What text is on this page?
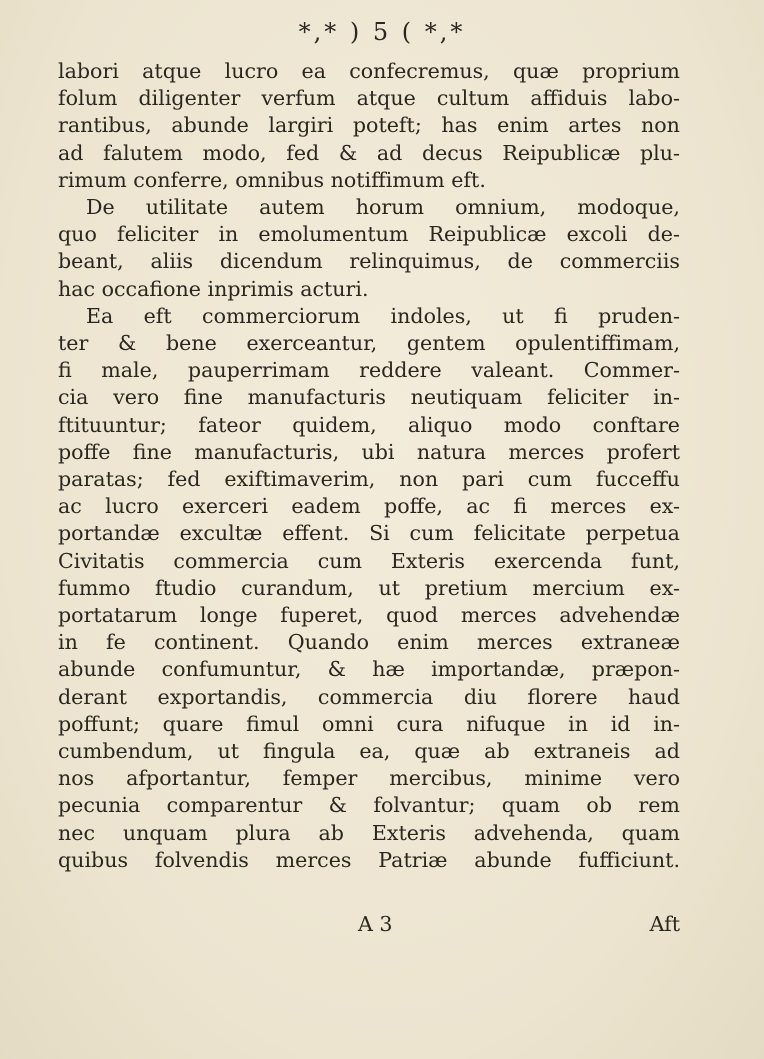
*,* ) 5 ( *,*
labori atque lucro ea confecremus, quæ proprium
folum diligenter verfum atque cultum affiduis labo-
rantibus, abunde largiri poteft; has enim artes non
ad falutem modo, fed & ad decus Reipublicæ plu-
rimum conferre, omnibus notiffimum eft.
De utilitate autem horum omnium, modoque,
quo feliciter in emolumentum Reipublicæ excoli de-
beant, aliis dicendum relinquimus, de commerciis
hac occafione inprimis acturi.
Ea eft commerciorum indoles, ut fi pruden-
ter & bene exerceantur, gentem opulentiffimam,
fi male, pauperrimam reddere valeant. Commer-
cia vero fine manufacturis neutiquam feliciter in-
ftituuntur; fateor quidem, aliquo modo conftare
poffe fine manufacturis, ubi natura merces profert
paratas; fed exiftimaverim, non pari cum fucceffu
ac lucro exerceri eadem poffe, ac fi merces ex-
portandæ excultæ effent. Si cum felicitate perpetua
Civitatis commercia cum Exteris exercenda funt,
fummo ftudio curandum, ut pretium mercium ex-
portatarum longe fuperet, quod merces advehendæ
in fe continent. Quando enim merces extraneæ
abunde confumuntur, & hæ importandæ, præpon-
derant exportandis, commercia diu florere haud
poffunt; quare fimul omni cura nifuque in id in-
cumbendum, ut fingula ea, quæ ab extraneis ad
nos afportantur, femper mercibus, minime vero
pecunia comparentur & folvantur; quam ob rem
nec unquam plura ab Exteris advehenda, quam
quibus folvendis merces Patriæ abunde fufficiunt.
A 3	Aft
